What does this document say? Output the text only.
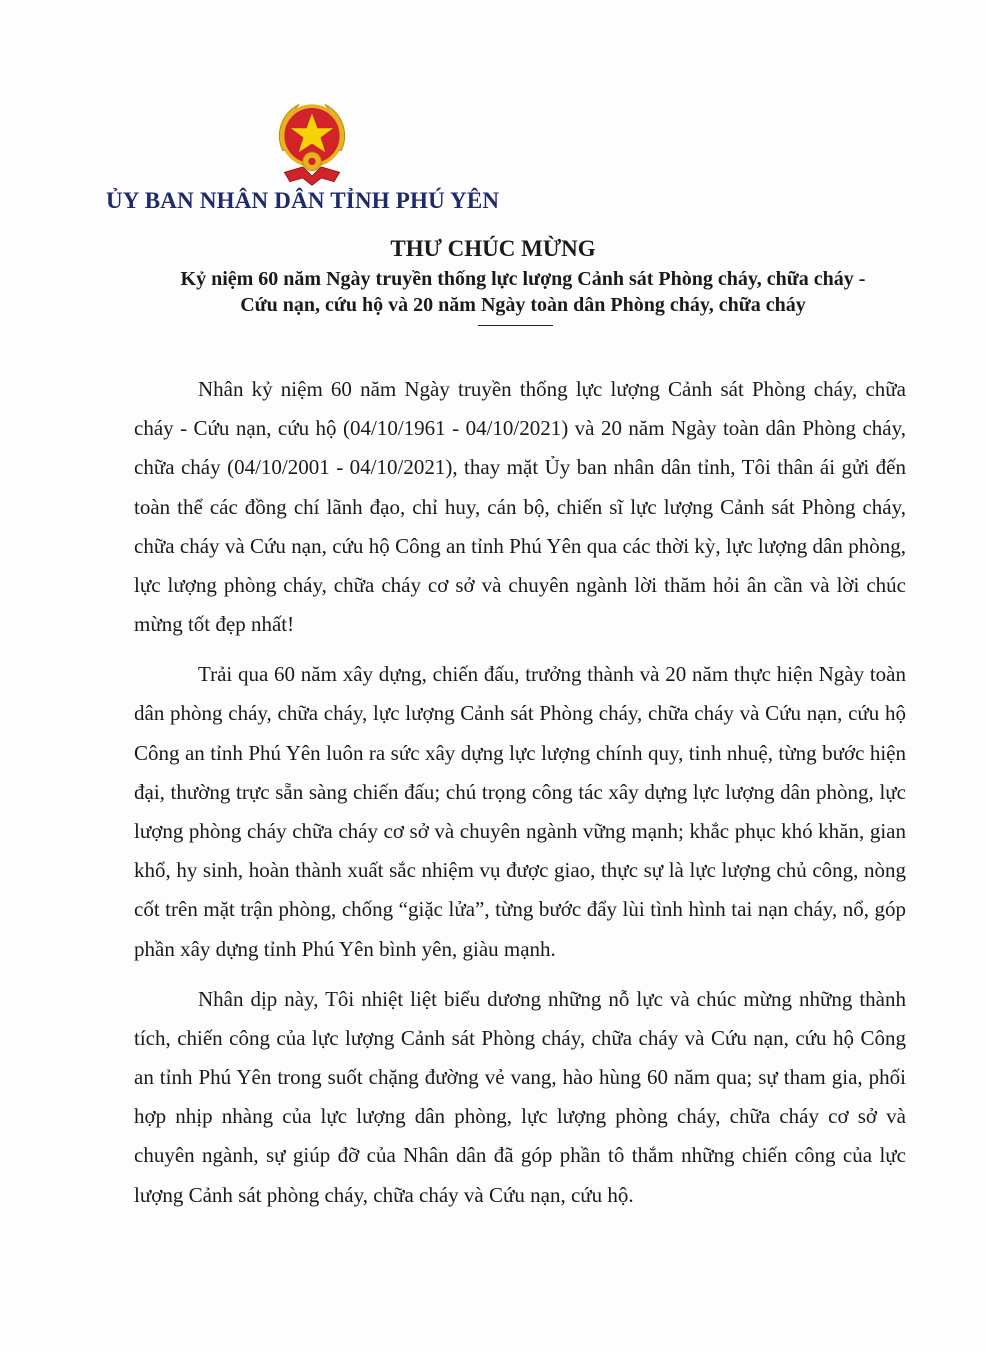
ỦY BAN NHÂN DÂN TỈNH PHÚ YÊN
THƯ CHÚC MỪNG
Kỷ niệm 60 năm Ngày truyền thống lực lượng Cảnh sát Phòng cháy, chữa cháy -
Cứu nạn, cứu hộ và 20 năm Ngày toàn dân Phòng cháy, chữa cháy

Nhân kỷ niệm 60 năm Ngày truyền thống lực lượng Cảnh sát Phòng cháy, chữa cháy - Cứu nạn, cứu hộ (04/10/1961 - 04/10/2021) và 20 năm Ngày toàn dân Phòng cháy, chữa cháy (04/10/2001 - 04/10/2021), thay mặt Ủy ban nhân dân tỉnh, Tôi thân ái gửi đến toàn thể các đồng chí lãnh đạo, chỉ huy, cán bộ, chiến sĩ lực lượng Cảnh sát Phòng cháy, chữa cháy và Cứu nạn, cứu hộ Công an tỉnh Phú Yên qua các thời kỳ, lực lượng dân phòng, lực lượng phòng cháy, chữa cháy cơ sở và chuyên ngành lời thăm hỏi ân cần và lời chúc mừng tốt đẹp nhất!

Trải qua 60 năm xây dựng, chiến đấu, trưởng thành và 20 năm thực hiện Ngày toàn dân phòng cháy, chữa cháy, lực lượng Cảnh sát Phòng cháy, chữa cháy và Cứu nạn, cứu hộ Công an tỉnh Phú Yên luôn ra sức xây dựng lực lượng chính quy, tinh nhuệ, từng bước hiện đại, thường trực sẵn sàng chiến đấu; chú trọng công tác xây dựng lực lượng dân phòng, lực lượng phòng cháy chữa cháy cơ sở và chuyên ngành vững mạnh; khắc phục khó khăn, gian khổ, hy sinh, hoàn thành xuất sắc nhiệm vụ được giao, thực sự là lực lượng chủ công, nòng cốt trên mặt trận phòng, chống “giặc lửa”, từng bước đẩy lùi tình hình tai nạn cháy, nổ, góp phần xây dựng tỉnh Phú Yên bình yên, giàu mạnh.

Nhân dịp này, Tôi nhiệt liệt biểu dương những nỗ lực và chúc mừng những thành tích, chiến công của lực lượng Cảnh sát Phòng cháy, chữa cháy và Cứu nạn, cứu hộ Công an tỉnh Phú Yên trong suốt chặng đường vẻ vang, hào hùng 60 năm qua; sự tham gia, phối hợp nhịp nhàng của lực lượng dân phòng, lực lượng phòng cháy, chữa cháy cơ sở và chuyên ngành, sự giúp đỡ của Nhân dân đã góp phần tô thắm những chiến công của lực lượng Cảnh sát phòng cháy, chữa cháy và Cứu nạn, cứu hộ.
